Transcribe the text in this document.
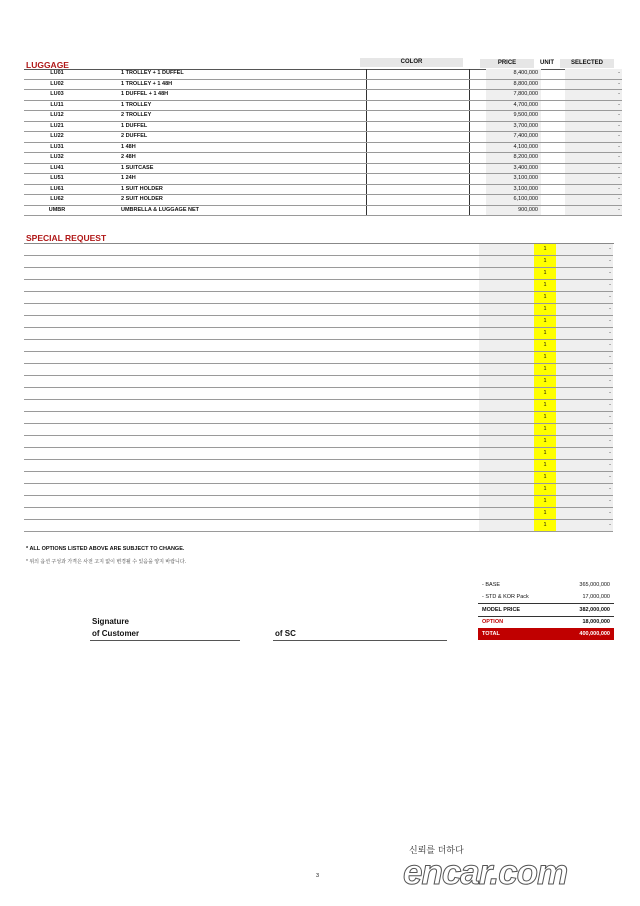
LUGGAGE	COLOR	PRICE	UNIT	SELECTED
LU01		1 TROLLEY + 1 DUFFEL			8,400,000		-
LU02		1 TROLLEY + 1 48H			8,800,000		-
LU03		1 DUFFEL + 1 48H			7,800,000		-
LU11		1 TROLLEY			4,700,000		-
LU12		2 TROLLEY			9,500,000		-
LU21		1 DUFFEL			3,700,000		-
LU22		2 DUFFEL			7,400,000		-
LU31		1 48H			4,100,000		-
LU32		2 48H			8,200,000		-
LU41		1 SUITCASE			3,400,000		-
LU51		1 24H			3,100,000		-
LU61		1 SUIT HOLDER			3,100,000		-
LU62		2 SUIT HOLDER			6,100,000		-
UMBR		UMBRELLA & LUGGAGE NET			900,000		-
SPECIAL REQUEST
		1	-
		1	-
		1	-
		1	-
		1	-
		1	-
		1	-
		1	-
		1	-
		1	-
		1	-
		1	-
		1	-
		1	-
		1	-
		1	-
		1	-
		1	-
		1	-
		1	-
		1	-
		1	-
		1	-
		1	-
* ALL OPTIONS LISTED ABOVE ARE SUBJECT TO CHANGE.
* 위의 옵션 구성과 가격은 사전 고지 없이 변경될 수 있음을 양지 바랍니다.
- BASE	365,000,000
- STD & KOR Pack	17,000,000
MODEL PRICE	382,000,000
OPTION	18,000,000
TOTAL	400,000,000
Signature
of Customer	of SC
3
신뢰를 더하다
encar.com
